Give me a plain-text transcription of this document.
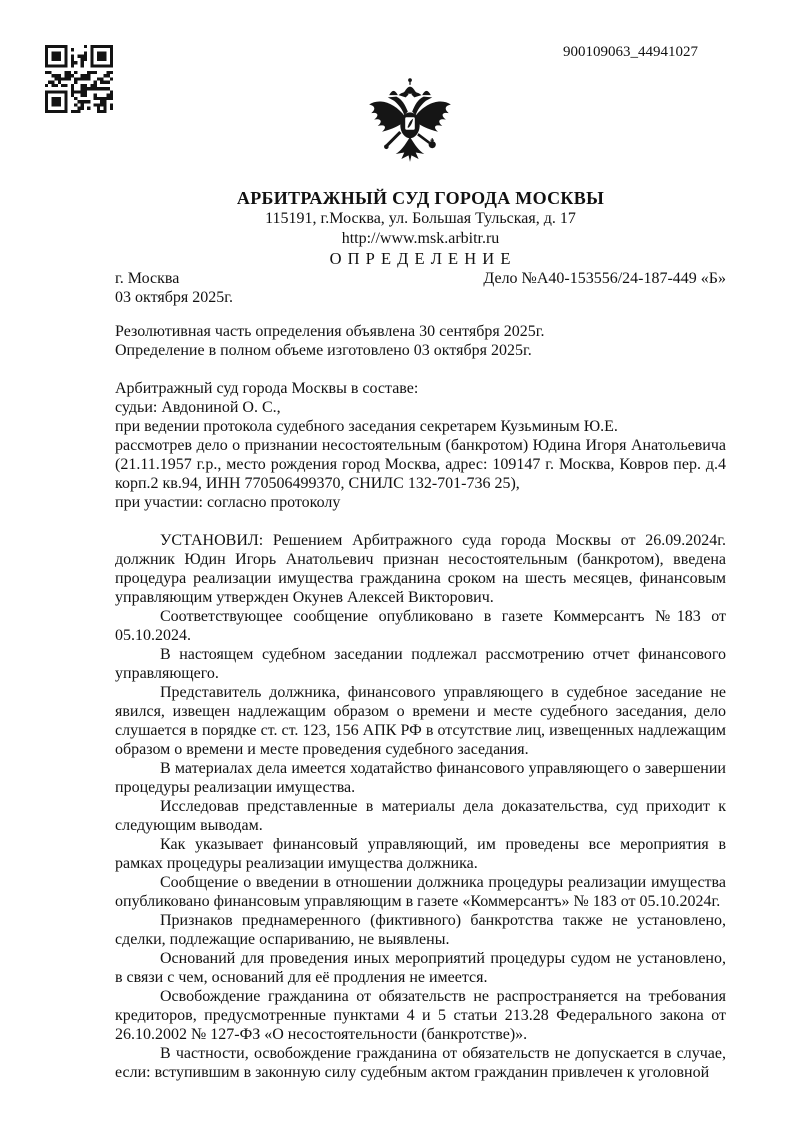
900109063_44941027
АРБИТРАЖНЫЙ СУД ГОРОДА МОСКВЫ
115191, г.Москва, ул. Большая Тульская, д. 17
http://www.msk.arbitr.ru
О П Р Е Д Е Л Е Н И Е
г. Москва	Дело №А40-153556/24-187-449 «Б»
03 октября 2025г.

Резолютивная часть определения объявлена 30 сентября 2025г.

Определение в полном объеме изготовлено 03 октября 2025г.

Арбитражный суд города Москвы в составе:

судьи: Авдониной О. С.,

при ведении протокола судебного заседания секретарем Кузьминым Ю.Е.

рассмотрев дело о признании несостоятельным (банкротом) Юдина Игоря Анатольевича (21.11.1957 г.р., место рождения город Москва, адрес: 109147 г. Москва, Ковров пер. д.4 корп.2 кв.94, ИНН 770506499370, СНИЛС 132-701-736 25),

при участии: согласно протоколу

УСТАНОВИЛ: Решением Арбитражного суда города Москвы от 26.09.2024г. должник Юдин Игорь Анатольевич признан несостоятельным (банкротом), введена процедура реализации имущества гражданина сроком на шесть месяцев, финансовым управляющим утвержден Окунев Алексей Викторович.

Соответствующее сообщение опубликовано в газете Коммерсантъ №183 от 05.10.2024.

В настоящем судебном заседании подлежал рассмотрению отчет финансового управляющего.

Представитель должника, финансового управляющего в судебное заседание не явился, извещен надлежащим образом о времени и месте судебного заседания, дело слушается в порядке ст. ст. 123, 156 АПК РФ в отсутствие лиц, извещенных надлежащим образом о времени и месте проведения судебного заседания.

В материалах дела имеется ходатайство финансового управляющего о завершении процедуры реализации имущества.

Исследовав представленные в материалы дела доказательства, суд приходит к следующим выводам.

Как указывает финансовый управляющий, им проведены все мероприятия в рамках процедуры реализации имущества должника.

Сообщение о введении в отношении должника процедуры реализации имущества опубликовано финансовым управляющим в газете «Коммерсантъ» № 183 от 05.10.2024г.

Признаков преднамеренного (фиктивного) банкротства также не установлено, сделки, подлежащие оспариванию, не выявлены.

Оснований для проведения иных мероприятий процедуры судом не установлено, в связи с чем, оснований для её продления не имеется.

Освобождение гражданина от обязательств не распространяется на требования кредиторов, предусмотренные пунктами 4 и 5 статьи 213.28 Федерального закона от 26.10.2002 № 127-ФЗ «О несостоятельности (банкротстве)».

В частности, освобождение гражданина от обязательств не допускается в случае, если: вступившим в законную силу судебным актом гражданин привлечен к уголовной
